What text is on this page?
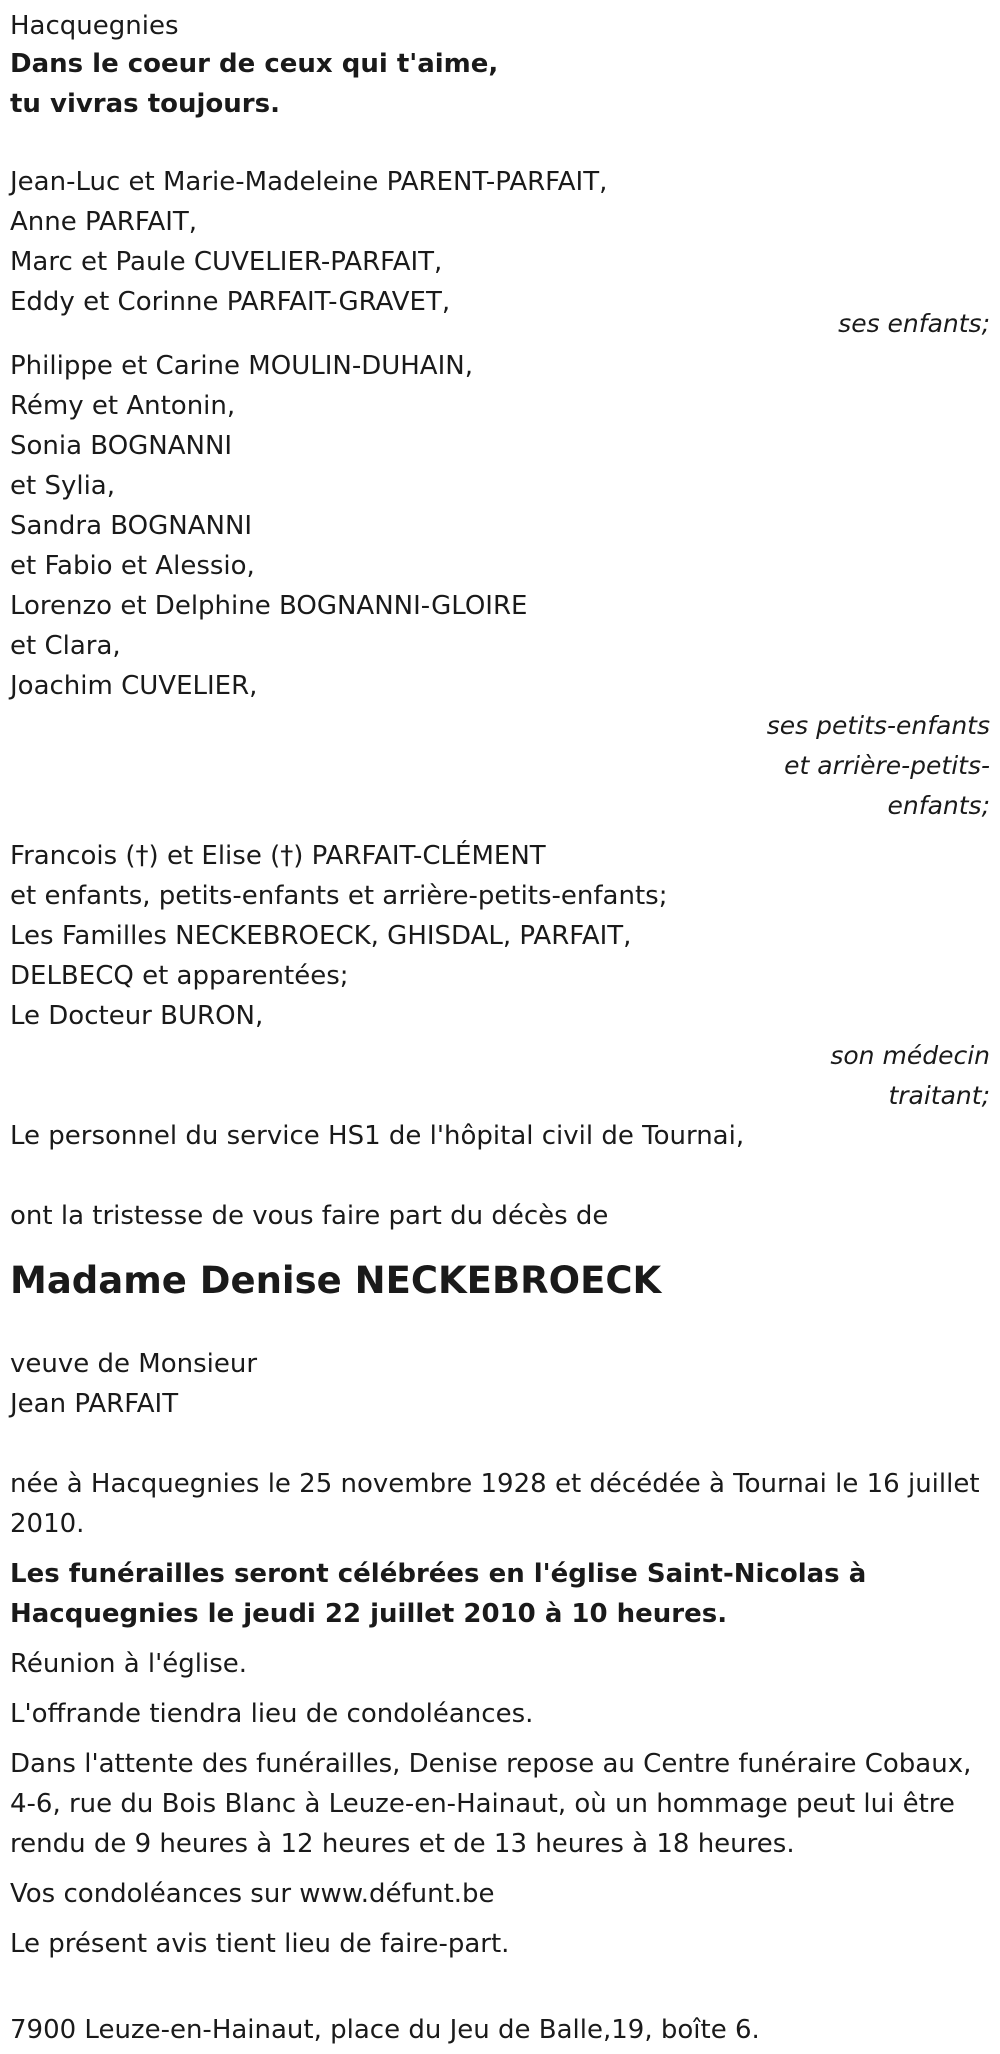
Hacquegnies
Dans le coeur de ceux qui t'aime,
tu vivras toujours.
Jean-Luc et Marie-Madeleine PARENT-PARFAIT,
Anne PARFAIT,
Marc et Paule CUVELIER-PARFAIT,
Eddy et Corinne PARFAIT-GRAVET,
ses enfants;
Philippe et Carine MOULIN-DUHAIN,
Rémy et Antonin,
Sonia BOGNANNI
et Sylia,
Sandra BOGNANNI
et Fabio et Alessio,
Lorenzo et Delphine BOGNANNI-GLOIRE
et Clara,
Joachim CUVELIER,
ses petits-enfants
et arrière-petits-
enfants;
Francois (†) et Elise (†) PARFAIT-CLÉMENT
et enfants, petits-enfants et arrière-petits-enfants;
Les Familles NECKEBROECK, GHISDAL, PARFAIT,
DELBECQ et apparentées;
Le Docteur BURON,
son médecin
traitant;
Le personnel du service HS1 de l'hôpital civil de Tournai,
ont la tristesse de vous faire part du décès de
Madame Denise NECKEBROECK
veuve de Monsieur
Jean PARFAIT
née à Hacquegnies le 25 novembre 1928 et décédée à Tournai le 16 juillet 2010.
Les funérailles seront célébrées en l'église Saint-Nicolas à Hacquegnies le jeudi 22 juillet 2010 à 10 heures.
Réunion à l'église.
L'offrande tiendra lieu de condoléances.
Dans l'attente des funérailles, Denise repose au Centre funéraire Cobaux, 4-6, rue du Bois Blanc à Leuze-en-Hainaut, où un hommage peut lui être rendu de 9 heures à 12 heures et de 13 heures à 18 heures.
Vos condoléances sur www.défunt.be
Le présent avis tient lieu de faire-part.
7900 Leuze-en-Hainaut, place du Jeu de Balle,19, boîte 6.
